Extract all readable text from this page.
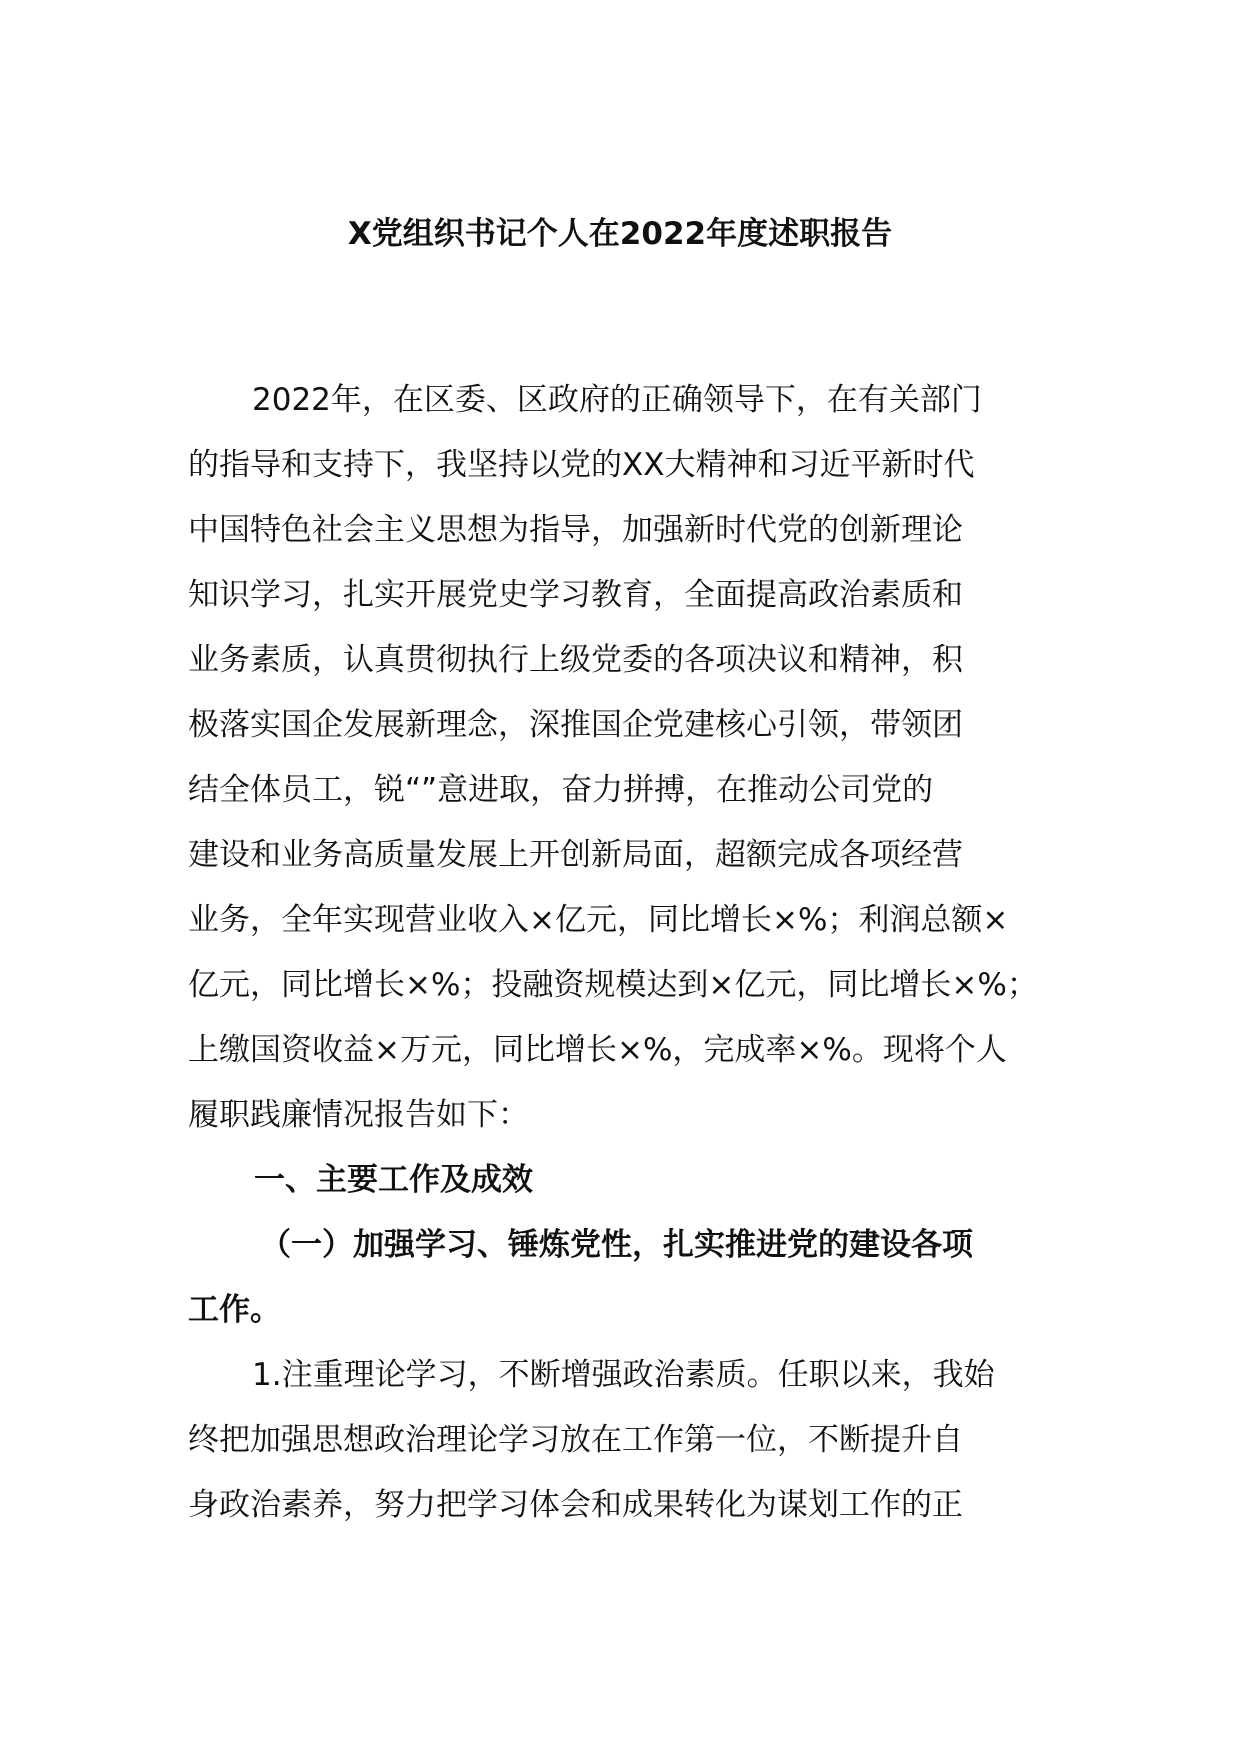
X党组织书记个人在2022年度述职报告
2022年，在区委、区政府的正确领导下，在有关部门
的指导和支持下，我坚持以党的XX大精神和习近平新时代
中国特色社会主义思想为指导，加强新时代党的创新理论
知识学习，扎实开展党史学习教育，全面提高政治素质和
业务素质，认真贯彻执行上级党委的各项决议和精神，积
极落实国企发展新理念，深推国企党建核心引领，带领团
结全体员工，锐“”意进取，奋力拼搏，在推动公司党的
建设和业务高质量发展上开创新局面，超额完成各项经营
业务，全年实现营业收入×亿元，同比增长×%；利润总额×
亿元，同比增长×%；投融资规模达到×亿元，同比增长×%；
上缴国资收益×万元，同比增长×%，完成率×%。现将个人
履职践廉情况报告如下：
一、主要工作及成效
（一）加强学习、锤炼党性，扎实推进党的建设各项
工作。
1.注重理论学习，不断增强政治素质。任职以来，我始
终把加强思想政治理论学习放在工作第一位，不断提升自
身政治素养，努力把学习体会和成果转化为谋划工作的正
